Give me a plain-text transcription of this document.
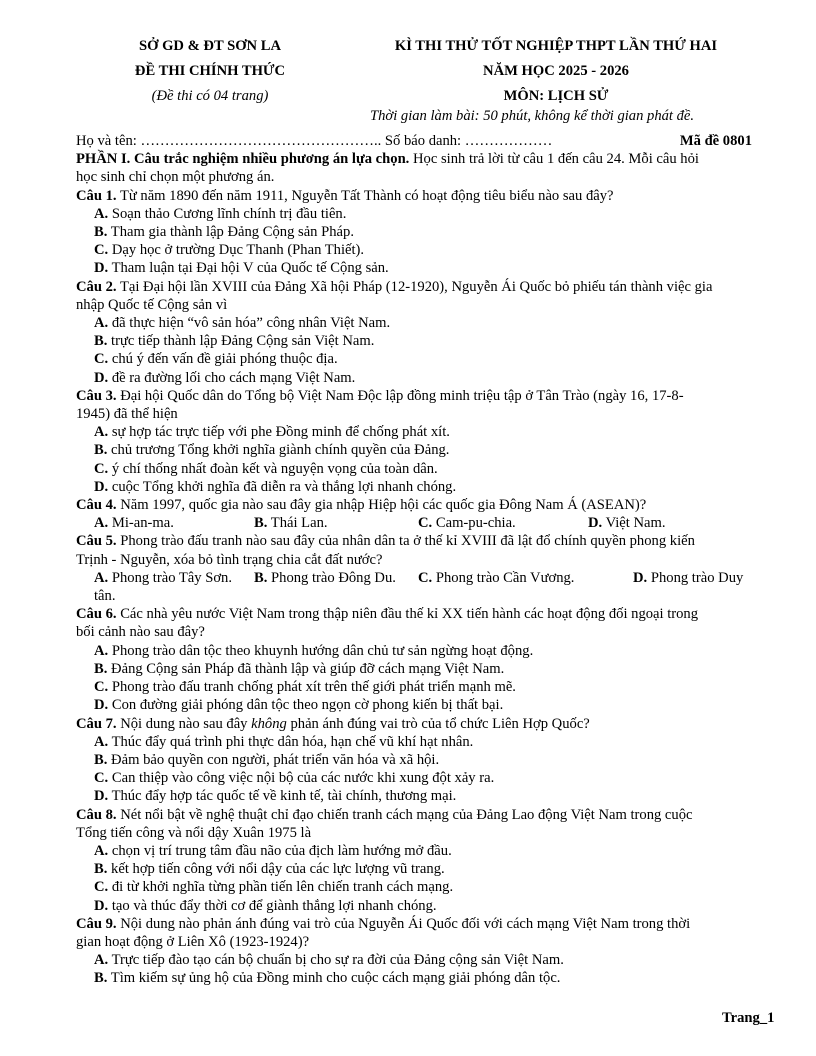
SỞ GD & ĐT SƠN LA
ĐỀ THI CHÍNH THỨC
(Đề thi có 04 trang)
KÌ THI THỬ TỐT NGHIỆP THPT LẦN THỨ HAI
NĂM HỌC 2025 - 2026
MÔN: LỊCH SỬ
Thời gian làm bài: 50 phút, không kể thời gian phát đề.
Họ và tên: ………………………………………….. Số báo danh: ………………	Mã đề 0801
PHẦN I. Câu trắc nghiệm nhiều phương án lựa chọn. Học sinh trả lời từ câu 1 đến câu 24. Mỗi câu hỏi
học sinh chỉ chọn một phương án.
Câu 1. Từ năm 1890 đến năm 1911, Nguyễn Tất Thành có hoạt động tiêu biểu nào sau đây?
A. Soạn thảo Cương lĩnh chính trị đầu tiên.
B. Tham gia thành lập Đảng Cộng sản Pháp.
C. Dạy học ở trường Dục Thanh (Phan Thiết).
D. Tham luận tại Đại hội V của Quốc tế Cộng sản.
Câu 2. Tại Đại hội lần XVIII của Đảng Xã hội Pháp (12-1920), Nguyễn Ái Quốc bỏ phiếu tán thành việc gia
nhập Quốc tế Cộng sản vì
A. đã thực hiện “vô sản hóa” công nhân Việt Nam.
B. trực tiếp thành lập Đảng Cộng sản Việt Nam.
C. chú ý đến vấn đề giải phóng thuộc địa.
D. đề ra đường lối cho cách mạng Việt Nam.
Câu 3. Đại hội Quốc dân do Tổng bộ Việt Nam Độc lập đồng minh triệu tập ở Tân Trào (ngày 16, 17-8-
1945) đã thể hiện
A. sự hợp tác trực tiếp với phe Đồng minh để chống phát xít.
B. chủ trương Tổng khởi nghĩa giành chính quyền của Đảng.
C. ý chí thống nhất đoàn kết và nguyện vọng của toàn dân.
D. cuộc Tổng khởi nghĩa đã diễn ra và thắng lợi nhanh chóng.
Câu 4. Năm 1997, quốc gia nào sau đây gia nhập Hiệp hội các quốc gia Đông Nam Á (ASEAN)?
A. Mi-an-ma.	B. Thái Lan.	C. Cam-pu-chia.	D. Việt Nam.
Câu 5. Phong trào đấu tranh nào sau đây của nhân dân ta ở thế kỉ XVIII đã lật đổ chính quyền phong kiến
Trịnh - Nguyễn, xóa bỏ tình trạng chia cắt đất nước?
A. Phong trào Tây Sơn.	B. Phong trào Đông Du.	C. Phong trào Cần Vương.	D. Phong trào Duy
tân.
Câu 6. Các nhà yêu nước Việt Nam trong thập niên đầu thế kỉ XX tiến hành các hoạt động đối ngoại trong
bối cảnh nào sau đây?
A. Phong trào dân tộc theo khuynh hướng dân chủ tư sản ngừng hoạt động.
B. Đảng Cộng sản Pháp đã thành lập và giúp đỡ cách mạng Việt Nam.
C. Phong trào đấu tranh chống phát xít trên thế giới phát triển mạnh mẽ.
D. Con đường giải phóng dân tộc theo ngọn cờ phong kiến bị thất bại.
Câu 7. Nội dung nào sau đây không phản ánh đúng vai trò của tổ chức Liên Hợp Quốc?
A. Thúc đẩy quá trình phi thực dân hóa, hạn chế vũ khí hạt nhân.
B. Đảm bảo quyền con người, phát triển văn hóa và xã hội.
C. Can thiệp vào công việc nội bộ của các nước khi xung đột xảy ra.
D. Thúc đẩy hợp tác quốc tế về kinh tế, tài chính, thương mại.
Câu 8. Nét nổi bật về nghệ thuật chỉ đạo chiến tranh cách mạng của Đảng Lao động Việt Nam trong cuộc
Tổng tiến công và nổi dậy Xuân 1975 là
A. chọn vị trí trung tâm đầu não của địch làm hướng mở đầu.
B. kết hợp tiến công với nổi dậy của các lực lượng vũ trang.
C. đi từ khởi nghĩa từng phần tiến lên chiến tranh cách mạng.
D. tạo và thúc đẩy thời cơ để giành thắng lợi nhanh chóng.
Câu 9. Nội dung nào phản ánh đúng vai trò của Nguyễn Ái Quốc đối với cách mạng Việt Nam trong thời
gian hoạt động ở Liên Xô (1923-1924)?
A. Trực tiếp đào tạo cán bộ chuẩn bị cho sự ra đời của Đảng cộng sản Việt Nam.
B. Tìm kiếm sự ủng hộ của Đồng minh cho cuộc cách mạng giải phóng dân tộc.
Trang_1
